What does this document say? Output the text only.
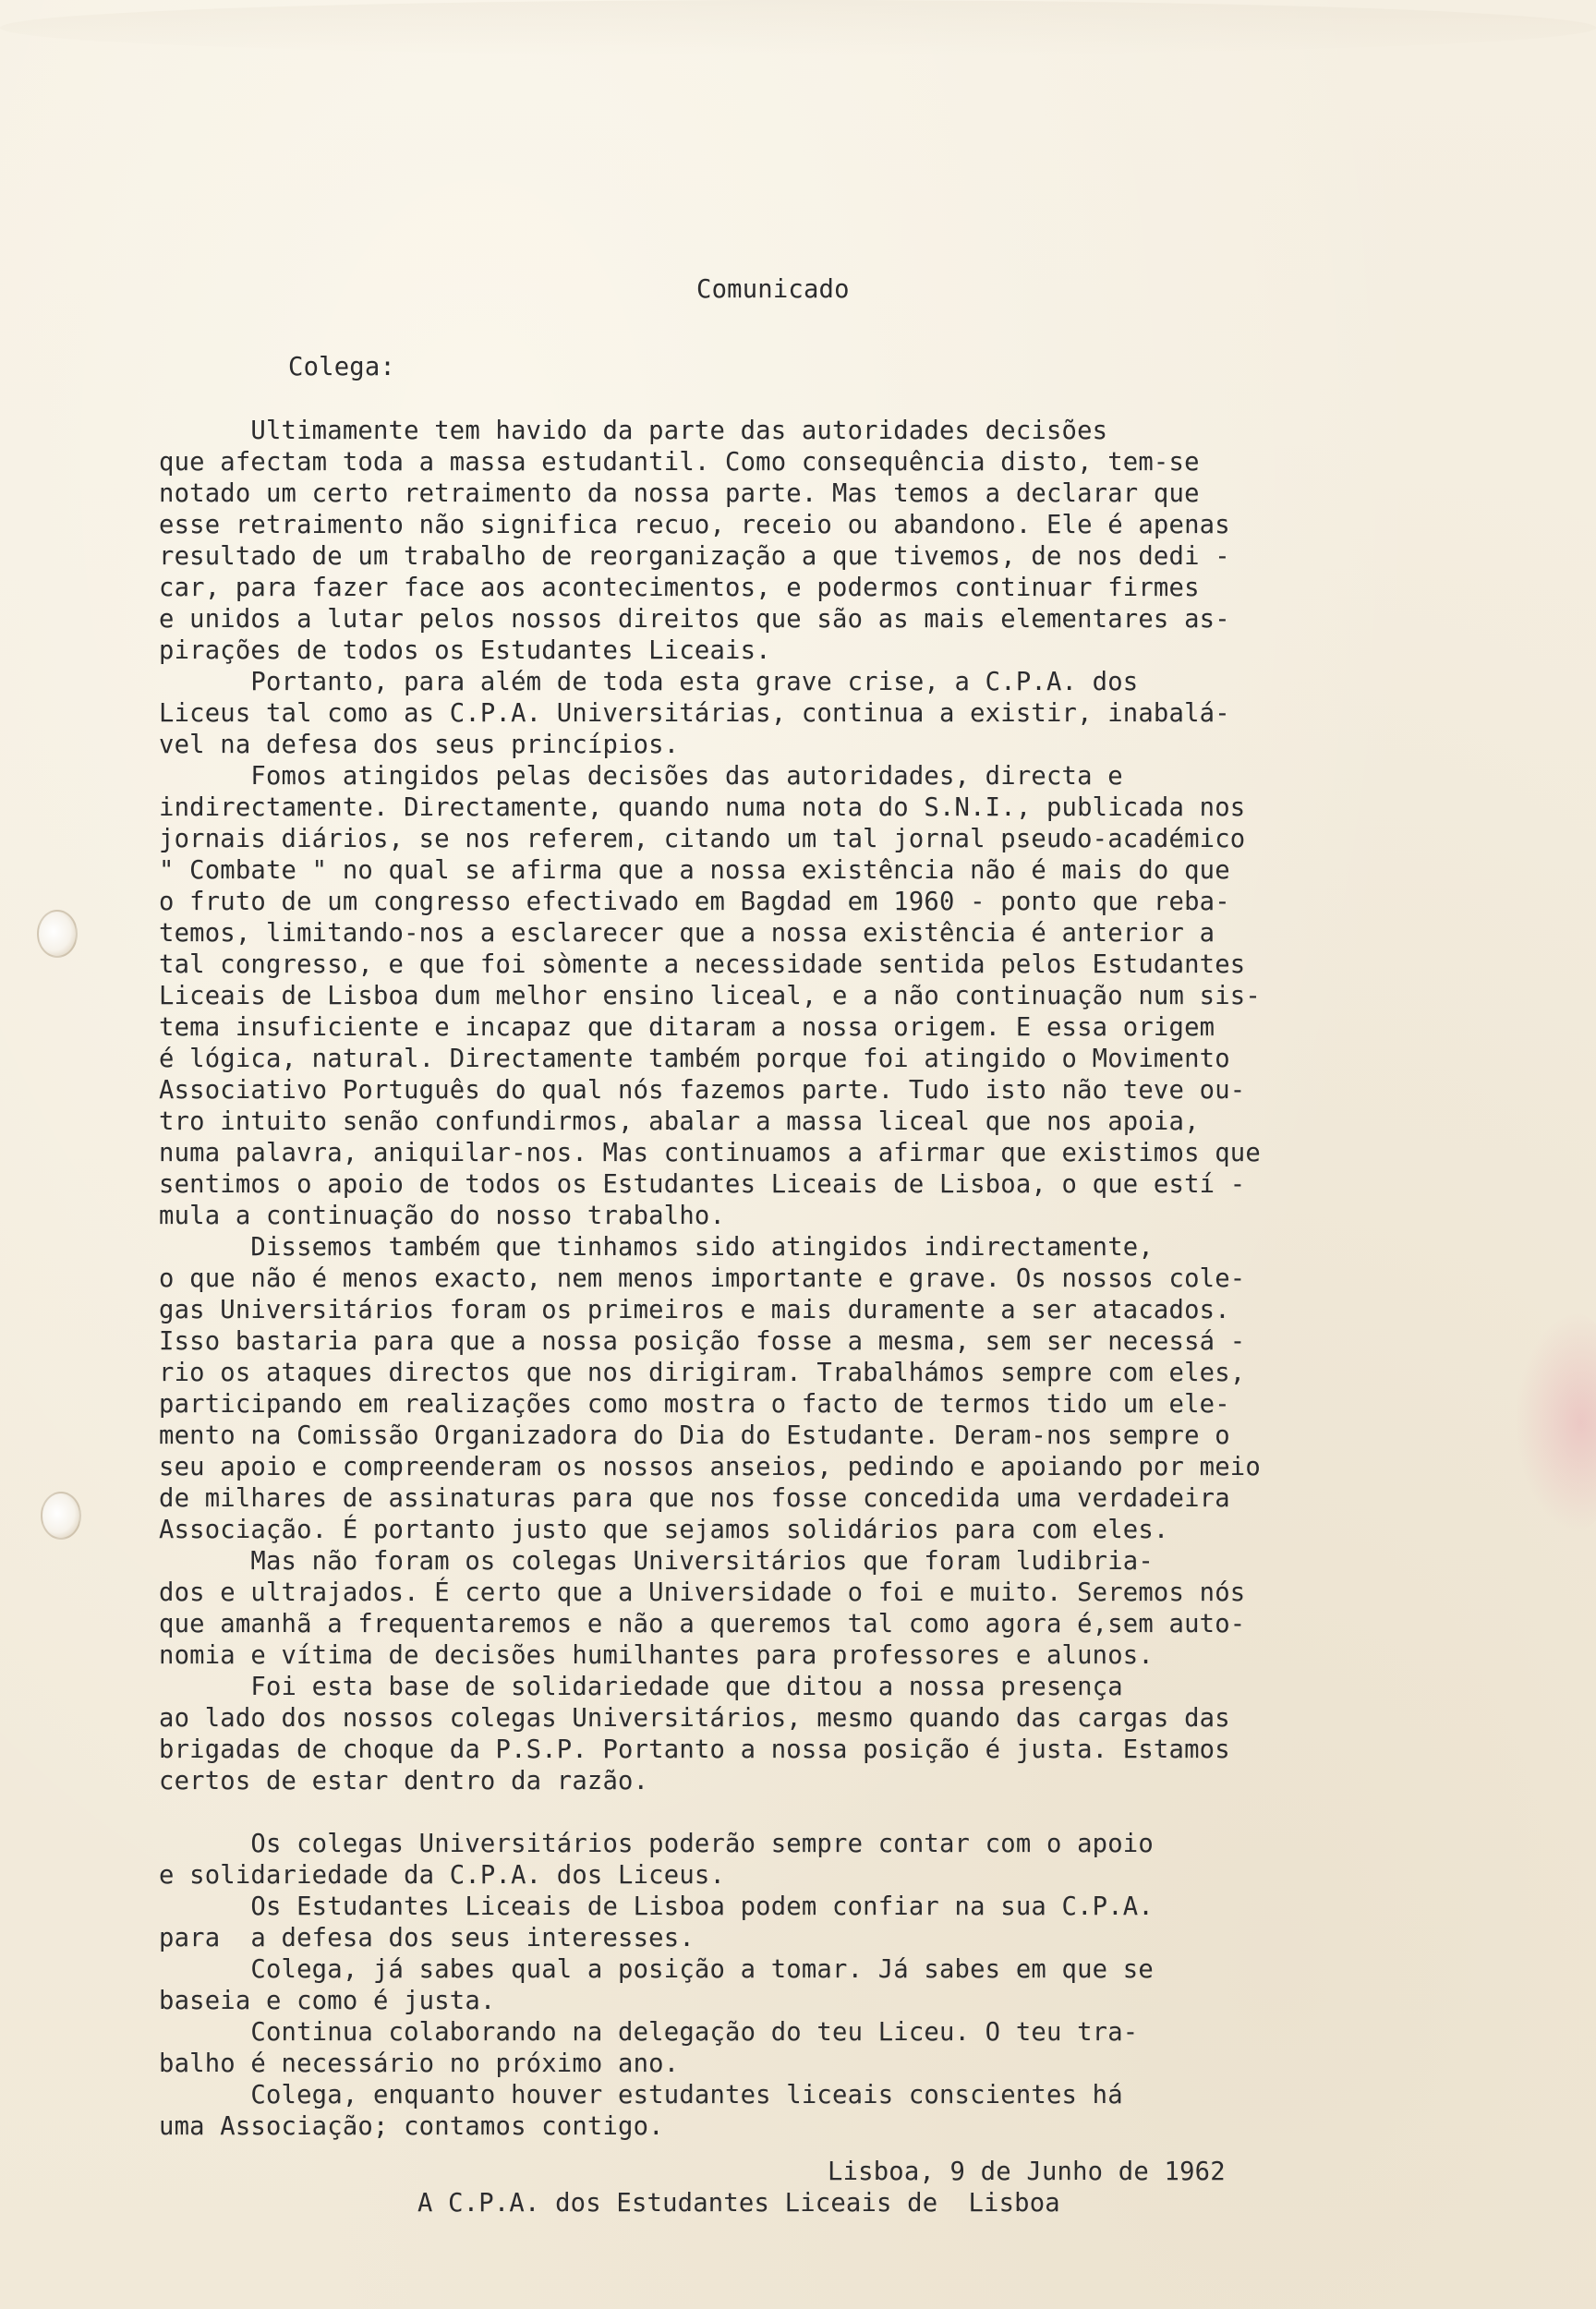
Comunicado
Colega:
Ultimamente tem havido da parte das autoridades decisões
que afectam toda a massa estudantil. Como consequência disto, tem-se
notado um certo retraimento da nossa parte. Mas temos a declarar que
esse retraimento não significa recuo, receio ou abandono. Ele é apenas
resultado de um trabalho de reorganização a que tivemos, de nos dedi -
car, para fazer face aos acontecimentos, e podermos continuar firmes
e unidos a lutar pelos nossos direitos que são as mais elementares as-
pirações de todos os Estudantes Liceais.
Portanto, para além de toda esta grave crise, a C.P.A. dos
Liceus tal como as C.P.A. Universitárias, continua a existir, inabalá-
vel na defesa dos seus princípios.
Fomos atingidos pelas decisões das autoridades, directa e
indirectamente. Directamente, quando numa nota do S.N.I., publicada nos
jornais diários, se nos referem, citando um tal jornal pseudo-académico
" Combate " no qual se afirma que a nossa existência não é mais do que
o fruto de um congresso efectivado em Bagdad em 1960 - ponto que reba-
temos, limitando-nos a esclarecer que a nossa existência é anterior a
tal congresso, e que foi sòmente a necessidade sentida pelos Estudantes
Liceais de Lisboa dum melhor ensino liceal, e a não continuação num sis-
tema insuficiente e incapaz que ditaram a nossa origem. E essa origem
é lógica, natural. Directamente também porque foi atingido o Movimento
Associativo Português do qual nós fazemos parte. Tudo isto não teve ou-
tro intuito senão confundirmos, abalar a massa liceal que nos apoia,
numa palavra, aniquilar-nos. Mas continuamos a afirmar que existimos que
sentimos o apoio de todos os Estudantes Liceais de Lisboa, o que estí -
mula a continuação do nosso trabalho.
Dissemos também que tinhamos sido atingidos indirectamente,
o que não é menos exacto, nem menos importante e grave. Os nossos cole-
gas Universitários foram os primeiros e mais duramente a ser atacados.
Isso bastaria para que a nossa posição fosse a mesma, sem ser necessá -
rio os ataques directos que nos dirigiram. Trabalhámos sempre com eles,
participando em realizações como mostra o facto de termos tido um ele-
mento na Comissão Organizadora do Dia do Estudante. Deram-nos sempre o
seu apoio e compreenderam os nossos anseios, pedindo e apoiando por meio
de milhares de assinaturas para que nos fosse concedida uma verdadeira
Associação. É portanto justo que sejamos solidários para com eles.
Mas não foram os colegas Universitários que foram ludibria-
dos e ultrajados. É certo que a Universidade o foi e muito. Seremos nós
que amanhã a frequentaremos e não a queremos tal como agora é,sem auto-
nomia e vítima de decisões humilhantes para professores e alunos.
Foi esta base de solidariedade que ditou a nossa presença
ao lado dos nossos colegas Universitários, mesmo quando das cargas das
brigadas de choque da P.S.P. Portanto a nossa posição é justa. Estamos
certos de estar dentro da razão.
Os colegas Universitários poderão sempre contar com o apoio
e solidariedade da C.P.A. dos Liceus.
Os Estudantes Liceais de Lisboa podem confiar na sua C.P.A.
para  a defesa dos seus interesses.
Colega, já sabes qual a posição a tomar. Já sabes em que se
baseia e como é justa.
Continua colaborando na delegação do teu Liceu. O teu tra-
balho é necessário no próximo ano.
Colega, enquanto houver estudantes liceais conscientes há
uma Associação; contamos contigo.
Lisboa, 9 de Junho de 1962
A C.P.A. dos Estudantes Liceais de  Lisboa
